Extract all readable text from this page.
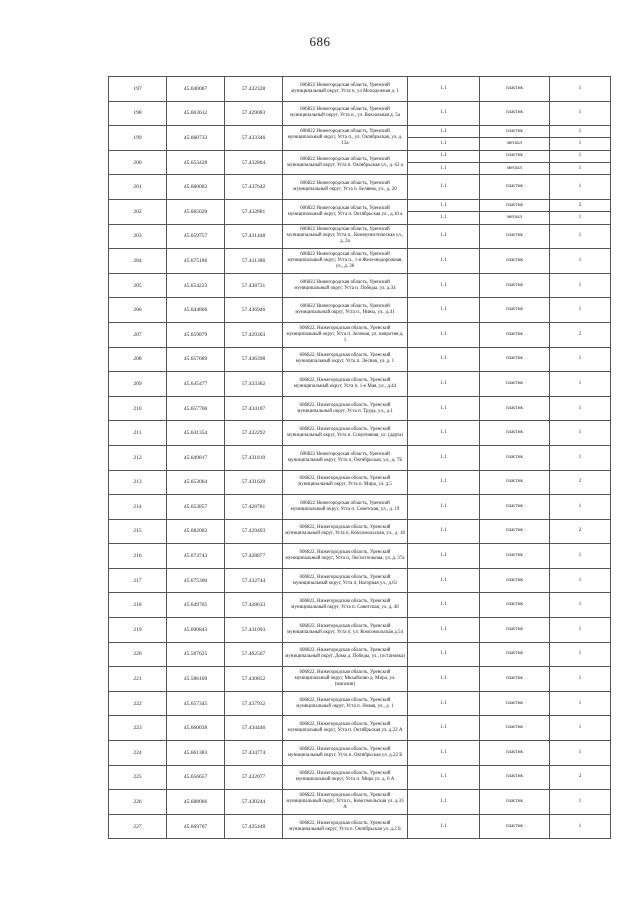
686
197	45.640067	57.432328	606822 Нижегородская область, Уренский муниципальный округ, Уста п, ул Молодежная д. 1	1.1	пластик	1
198	45.663612	57.429083	606822 Нижегородская область, Уренский муниципальный округ, Уста п., ул. Вокзальная д. 5а	1.1	пластик	1
199	45.660733	57.433346	606822 Нижегородская область, Уренский муниципальный округ, Уста п., ул. Октябрьская, ул. д. 13а	1.1	пластик	1
				1.1	металл	1
200	45.653428	57.432804	606822 Нижегородская область, Уренский муниципальный округ, Уста п. Октябрьская ул., д. 62 а	1.1	пластик	1
				1.1	металл	1
201	45.660002	57.437642	606822 Нижегородская область, Уренский муниципальный округ, Уста п. Беляева, ул., д. 20	1.1	пластик	1
202	45.665020	57.432881	606822 Нижегородская область, Уренский муниципальный округ, Уста п. Октябрьская ул., д.10 а	1.1	пластик	2
				1.1	металл	1
203	45.659757	57.431448	606822 Нижегородская область, Уренский муниципальный округ, Уста п., Коммунистическая ул., д. 2а	1.1	пластик	1
204	45.675186	57.431386	606822 Нижегородская область, Уренский муниципальный округ, Уста п., 1-я Железнодорожная, ул., д. 36	1.1	пластик	1
205	45.654223	57.438731	606822 Нижегородская область, Уренский муниципальный округ, Уста п. Победы, ул. д.34	1.1	пластик	1
206	45.644866	57.436946	606822 Нижегородская область, Уренский муниципальный округ, Уста п., Нины, ул., д.41	1.1	пластик	1
207	45.659879	57.429303	606822, Нижегородская область, Уренский муниципальный округ, Уста п. Зеленая, ул. напротив д. 1	1.1	пластик	2
208	45.657689	57.436398	606822, Нижегородская область, Уренский муниципальный округ, Уста п. Лесная, ул. д. 1	1.1	пластик	1
209	45.645477	57.433362	606822, Нижегородская область, Уренский муниципальный округ, Уста п. 1-е Мая, ул., д.44	1.1	пластик	1
210	45.657766	57.434107	606822, Нижегородская область, Уренский муниципальный округ, Уста п. Труда, ул., д.1	1.1	пластик	1
211	45.641354	57.432292	606822, Нижегородская область, Уренский муниципальный округ, Уста п. Спортивная, ул. (дарта)	1.1	пластик	1
212	45.649817	57.431810	606822 Нижегородская область, Уренский муниципальный округ, Уста п, Октябрьская, ул., д. 7Б	1.1	пластик	1
213	45.653064	57.431620	606822, Нижегородская область, Уренский муниципальный округ, Уста п. Мира, ул. д.5	1.1	пластик	2
214	45.653857	57.428781	606822 Нижегородская область, Уренский муниципальный округ, Уста п. Советская, ул., д. 19	1.1	пластик	1
215	45.682002	57.429493	606822, Нижегородская область, Уренский муниципальный округ, Уста п, Комсомольская, ул., д. 18	1.1	пластик	2
216	45.674743	57.428877	606822, Нижегородская область, Уренский муниципальный округ, Уста п, Лесхозтельная, ул. д. 37а	1.1	пластик	1
217	45.675300	57.432744	606822, Нижегородская область, Уренский муниципальный округ, Уста п, Нагорная ул., д.61	1.1	пластик	1
218	45.649705	57.428633	606822, Нижегородская область, Уренский муниципальный округ, Уста п. Советская, ул. д. 40	1.1	пластик	1
219	45.690843	57.431093	606822, Нижегородская область, Уренский муниципальный округ, Уста п, ул. Комсомольская д.54	1.1	пластик	1
220	45.587625	57.462507	606822, Нижегородская область, Уренский муниципальный округ, Дома д. Победы, ул., (остановка)	1.1	пластик	1
221	45.586169	57.430852	606822, Нижегородская область, Уренский муниципальный округ, Михайлово д. Мира, ул. (магазин)	1.1	пластик	1
222	45.657345	57.437932	606822, Нижегородская область, Уренский муниципальный округ, Уста п. Новая, ул., д. 1	1.1	пластик	1
223	45.660038	57.434446	606822, Нижегородская область, Уренский муниципальный округ, Уста п. Октябрьская ул. д.22 А	1.1	пластик	1
224	45.661383	57.434774	606822, Нижегородская область, Уренский муниципальный округ, Уста п. Октябрьская ул. д.22 Б	1.1	пластик	1
225	45.656657	57.432077	606822, Нижегородская область, Уренский муниципальный округ, Уста п. Мира ул. д. 6 А	1.1	пластик	2
226	45.688066	57.430244	606822, Нижегородская область, Уренский муниципальный округ, Уста п., Комсомольская ул. д.33 А	1.1	пластик	1
227	45.669707	57.435448	606822, Нижегородская область, Уренский муниципальный округ, Уста п. Октябрьская ул. д.2 Б	1.1	пластик	1
